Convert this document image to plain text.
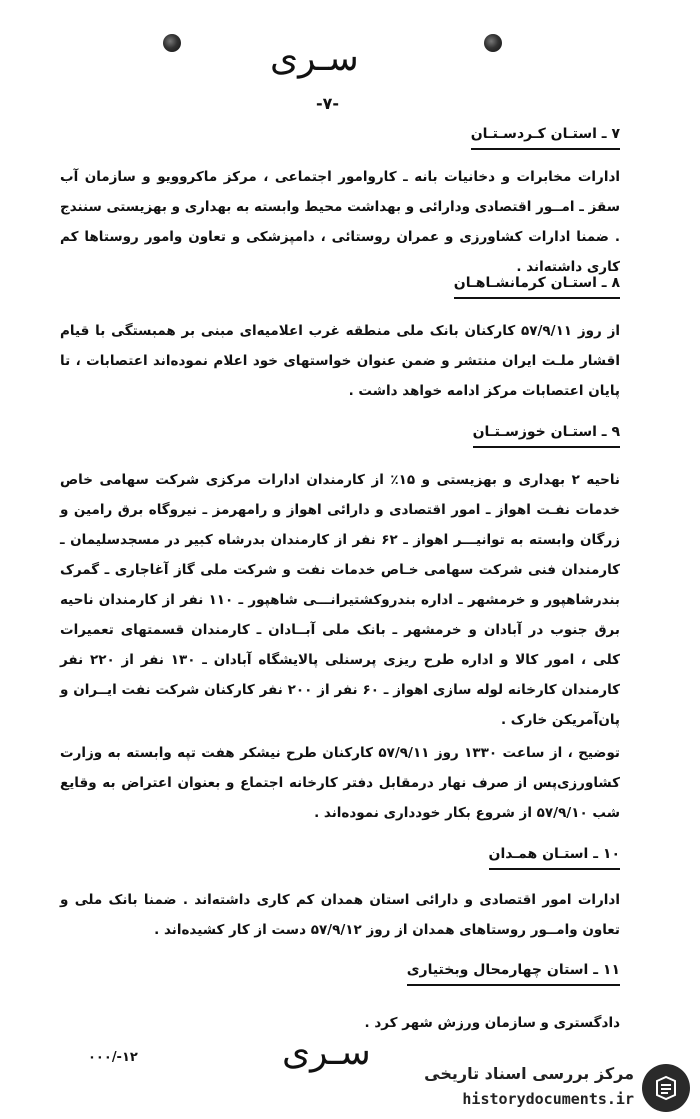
سـری
-۷-
۷ ـ استـان کـردسـتـان
ادارات مخابرات و دخانیات بانه ـ کاروامور اجتماعی ، مرکز ماکروویو و سازمان آب سقز ـ امــور اقتصادی ودارائی و بهداشت محیط وابسته به بهداری و بهزیستی سنندج . ضمنا ادارات کشاورزی و عمران روستائی ، دامپزشکی و تعاون وامور روستاها کم کاری داشته‌اند .
۸ ـ استـان کرمانشـاهـان
از روز ۵۷/۹/۱۱ کارکنان بانک ملی منطقه غرب اعلامیه‌ای مبنی بر همبستگی با قیام اقشار ملـت ایران منتشر و ضمن عنوان خواستهای خود اعلام نموده‌اند اعتصابات ، تا پایان اعتصابات مرکز ادامه خواهد داشت .
۹ ـ استـان خوزسـتـان
ناحیه ۲ بهداری و بهزیستی و ۱۵٪ از کارمندان ادارات مرکزی شرکت سهامی خاص خدمات نفـت اهواز ـ امور اقتصادی و دارائی اهواز و رامهرمز ـ نیروگاه برق رامین و زرگان وابسته به توانیـــر اهواز ـ ۶۲ نفر از کارمندان بدرشاه کبیر در مسجدسلیمان ـ کارمندان فنی شرکت سهامی خـاص خدمات نفت و شرکت ملی گاز آغاجاری ـ گمرک بندرشاهپور و خرمشهر ـ اداره بندروکشتیرانـــی شاهپور ـ ۱۱۰ نفر از کارمندان ناحیه برق جنوب در آبادان و خرمشهر ـ بانک ملی آبــادان ـ کارمندان قسمتهای تعمیرات کلی ، امور کالا و اداره طرح ریزی پرسنلی پالایشگاه آبادان ـ ۱۳۰ نفر از ۲۲۰ نفر کارمندان کارخانه لوله سازی اهواز ـ ۶۰ نفر از ۲۰۰ نفر کارکنان شرکت نفت ایــران و پان‌آمریکن خارک .
توضیح ، از ساعت ۱۳۳۰ روز ۵۷/۹/۱۱ کارکنان طرح نیشکر هفت تپه وابسته به وزارت کشاورزی‌پس از صرف نهار درمقابل دفتر کارخانه اجتماع و بعنوان اعتراض به وقایع شب ۵۷/۹/۱۰ از شروع بکار خودداری نموده‌اند .
۱۰ ـ استـان همـدان
ادارات امور اقتصادی و دارائی استان همدان کم کاری داشته‌اند . ضمنا بانک ملی و تعاون وامــور روستاهای همدان از روز ۵۷/۹/۱۲ دست از کار کشیده‌اند .
۱۱ ـ استان چهارمحال وبختیاری
دادگستری و سازمان ورزش شهر کرد .
۱۲-/۰۰۰	سـری
مرکز بررسی اسناد تاریخی
historydocuments.ir
